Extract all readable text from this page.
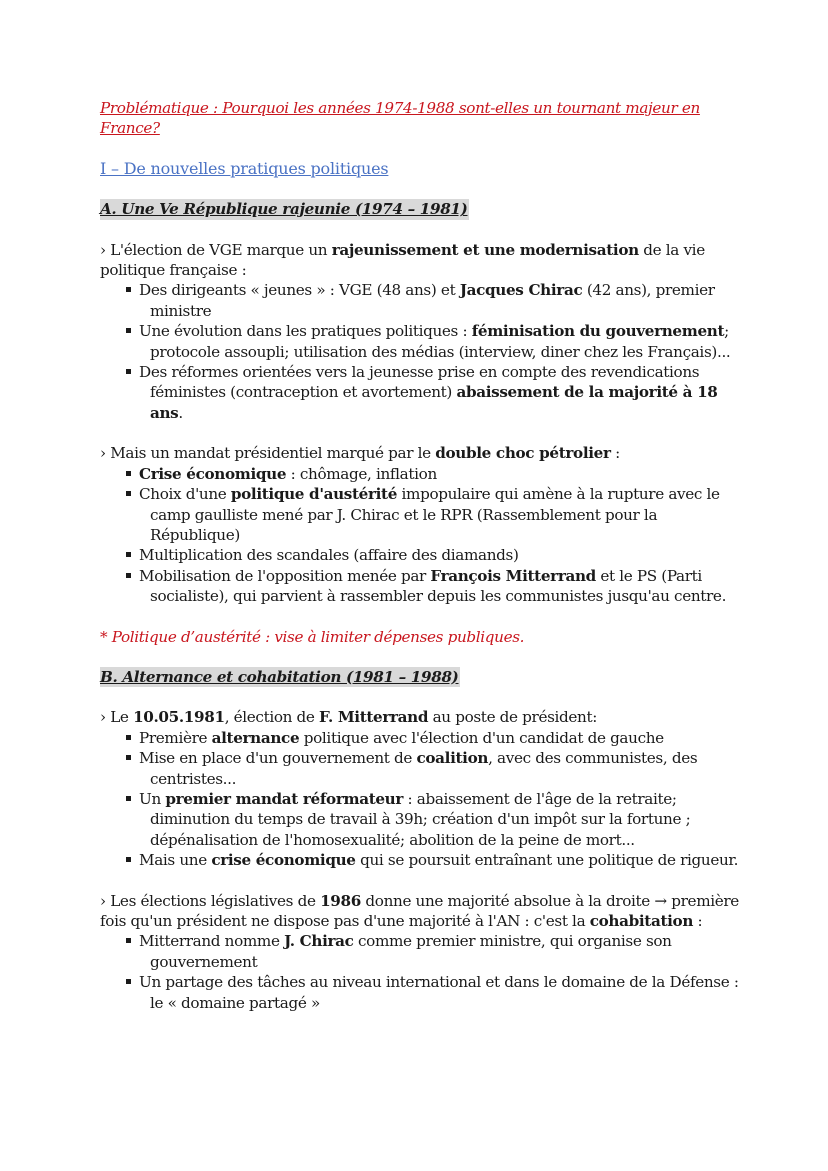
Problématique : Pourquoi les années 1974-1988 sont-elles un tournant majeur en France?

I – De nouvelles pratiques politiques

A. Une Ve République rajeunie (1974 – 1981)

› L'élection de VGE marque un rajeunissement et une modernisation de la vie politique française :

Des dirigeants « jeunes » : VGE (48 ans) et Jacques Chirac (42 ans), premier ministre
Une évolution dans les pratiques politiques : féminisation du gouvernement; protocole assoupli; utilisation des médias (interview, diner chez les Français)...
Des réformes orientées vers la jeunesse prise en compte des revendications féministes (contraception et avortement) abaissement de la majorité à 18 ans.

› Mais un mandat présidentiel marqué par le double choc pétrolier :

Crise économique : chômage, inflation
Choix d'une politique d'austérité impopulaire qui amène à la rupture avec le camp gaulliste mené par J. Chirac et le RPR (Rassemblement pour la République)
Multiplication des scandales (affaire des diamands)
Mobilisation de l'opposition menée par François Mitterrand et le PS (Parti socialiste), qui parvient à rassembler depuis les communistes jusqu'au centre.

* Politique d’austérité : vise à limiter dépenses publiques.

B. Alternance et cohabitation (1981 – 1988)

› Le 10.05.1981, élection de F. Mitterrand au poste de président:

Première alternance politique avec l'élection d'un candidat de gauche
Mise en place d'un gouvernement de coalition, avec des communistes, des centristes...
Un premier mandat réformateur : abaissement de l'âge de la retraite; diminution du temps de travail à 39h; création d'un impôt sur la fortune ; dépénalisation de l'homosexualité; abolition de la peine de mort...
Mais une crise économique qui se poursuit entraînant une politique de rigueur.

› Les élections législatives de 1986 donne une majorité absolue à la droite → première fois qu'un président ne dispose pas d'une majorité à l'AN : c'est la cohabitation :

Mitterrand nomme J. Chirac comme premier ministre, qui organise son gouvernement
Un partage des tâches au niveau international et dans le domaine de la Défense : le « domaine partagé »
